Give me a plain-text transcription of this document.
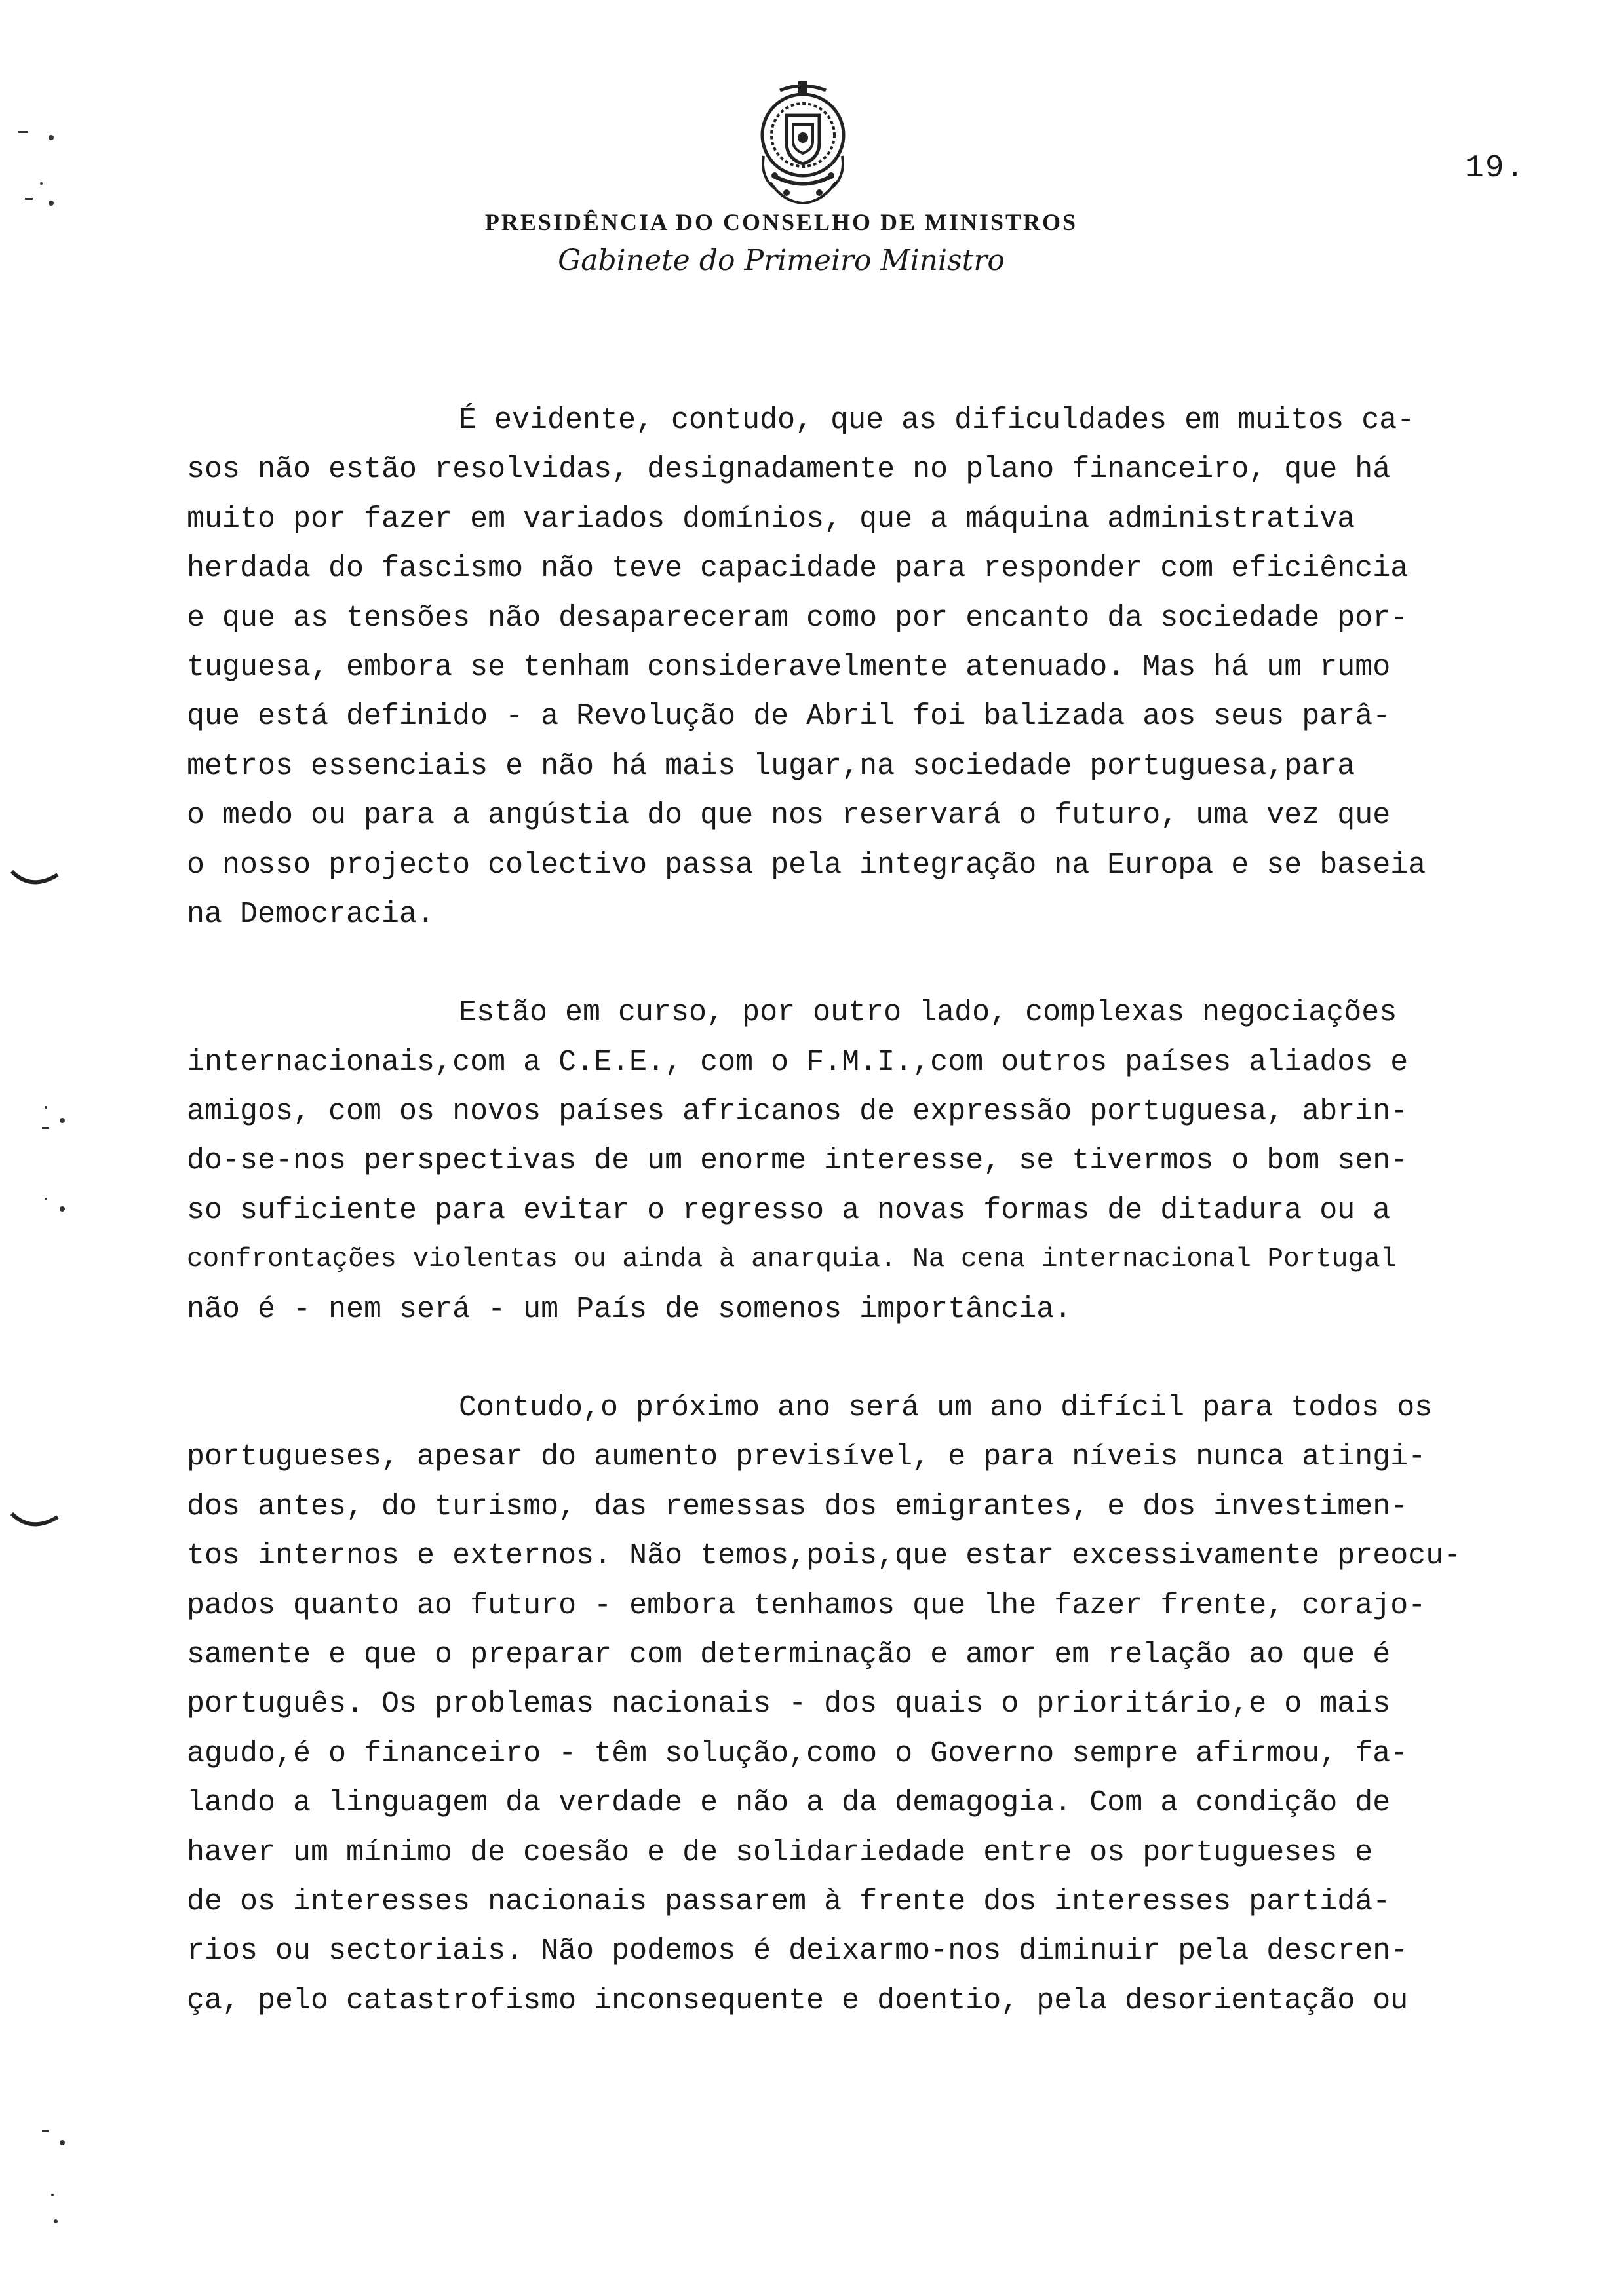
19.
PRESIDÊNCIA DO CONSELHO DE MINISTROS
Gabinete do Primeiro Ministro
É evidente, contudo, que as dificuldades em muitos ca-
sos não estão resolvidas, designadamente no plano financeiro, que há
muito por fazer em variados domínios, que a máquina administrativa
herdada do fascismo não teve capacidade para responder com eficiência
e que as tensões não desapareceram como por encanto da sociedade por-
tuguesa, embora se tenham consideravelmente atenuado. Mas há um rumo
que está definido - a Revolução de Abril foi balizada aos seus parâ-
metros essenciais e não há mais lugar,na sociedade portuguesa,para
o medo ou para a angústia do que nos reservará o futuro, uma vez que
o nosso projecto colectivo passa pela integração na Europa e se baseia
na Democracia.
Estão em curso, por outro lado, complexas negociações
internacionais,com a C.E.E., com o F.M.I.,com outros países aliados e
amigos, com os novos países africanos de expressão portuguesa, abrin-
do-se-nos perspectivas de um enorme interesse, se tivermos o bom sen-
so suficiente para evitar o regresso a novas formas de ditadura ou a
confrontações violentas ou ainda à anarquia. Na cena internacional Portugal
não é - nem será - um País de somenos importância.
Contudo,o próximo ano será um ano difícil para todos os
portugueses, apesar do aumento previsível, e para níveis nunca atingi-
dos antes, do turismo, das remessas dos emigrantes, e dos investimen-
tos internos e externos. Não temos,pois,que estar excessivamente preocu-
pados quanto ao futuro - embora tenhamos que lhe fazer frente, corajo-
samente e que o preparar com determinação e amor em relação ao que é
português. Os problemas nacionais - dos quais o prioritário,e o mais
agudo,é o financeiro - têm solução,como o Governo sempre afirmou, fa-
lando a linguagem da verdade e não a da demagogia. Com a condição de
haver um mínimo de coesão e de solidariedade entre os portugueses e
de os interesses nacionais passarem à frente dos interesses partidá-
rios ou sectoriais. Não podemos é deixarmo-nos diminuir pela descren-
ça, pelo catastrofismo inconsequente e doentio, pela desorientação ou
